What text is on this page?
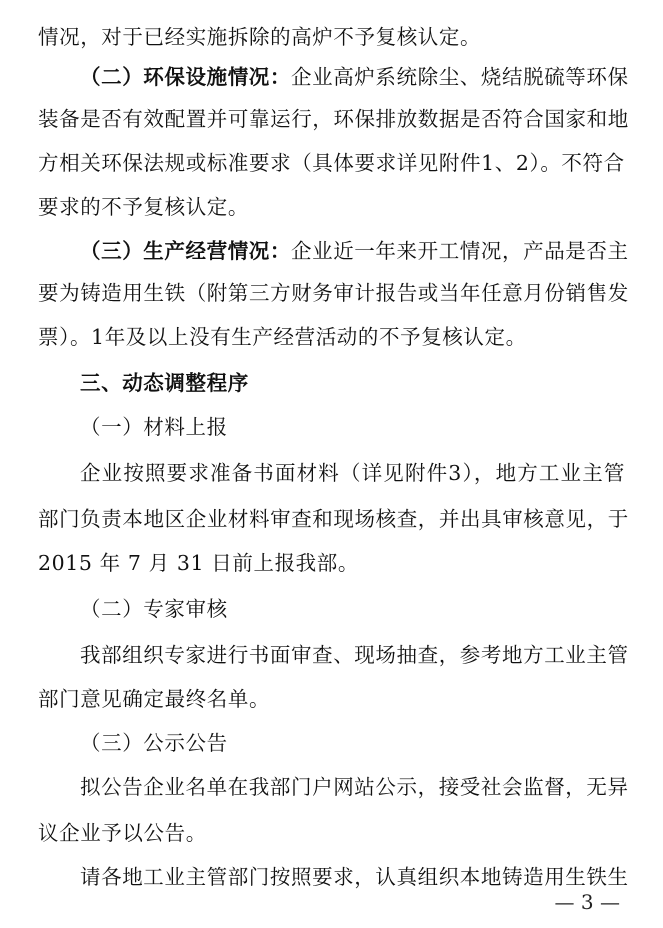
情况，对于已经实施拆除的高炉不予复核认定。
（二）环保设施情况：企业高炉系统除尘、烧结脱硫等环保
装备是否有效配置并可靠运行，环保排放数据是否符合国家和地
方相关环保法规或标准要求（具体要求详见附件1、2）。不符合
要求的不予复核认定。
（三）生产经营情况：企业近一年来开工情况，产品是否主
要为铸造用生铁（附第三方财务审计报告或当年任意月份销售发
票）。1年及以上没有生产经营活动的不予复核认定。
三、动态调整程序
（一）材料上报
企业按照要求准备书面材料（详见附件3），地方工业主管
部门负责本地区企业材料审查和现场核查，并出具审核意见，于
2015 年 7 月 31 日前上报我部。
（二）专家审核
我部组织专家进行书面审查、现场抽查，参考地方工业主管
部门意见确定最终名单。
（三）公示公告
拟公告企业名单在我部门户网站公示，接受社会监督，无异
议企业予以公告。
请各地工业主管部门按照要求，认真组织本地铸造用生铁生
— 3 —
